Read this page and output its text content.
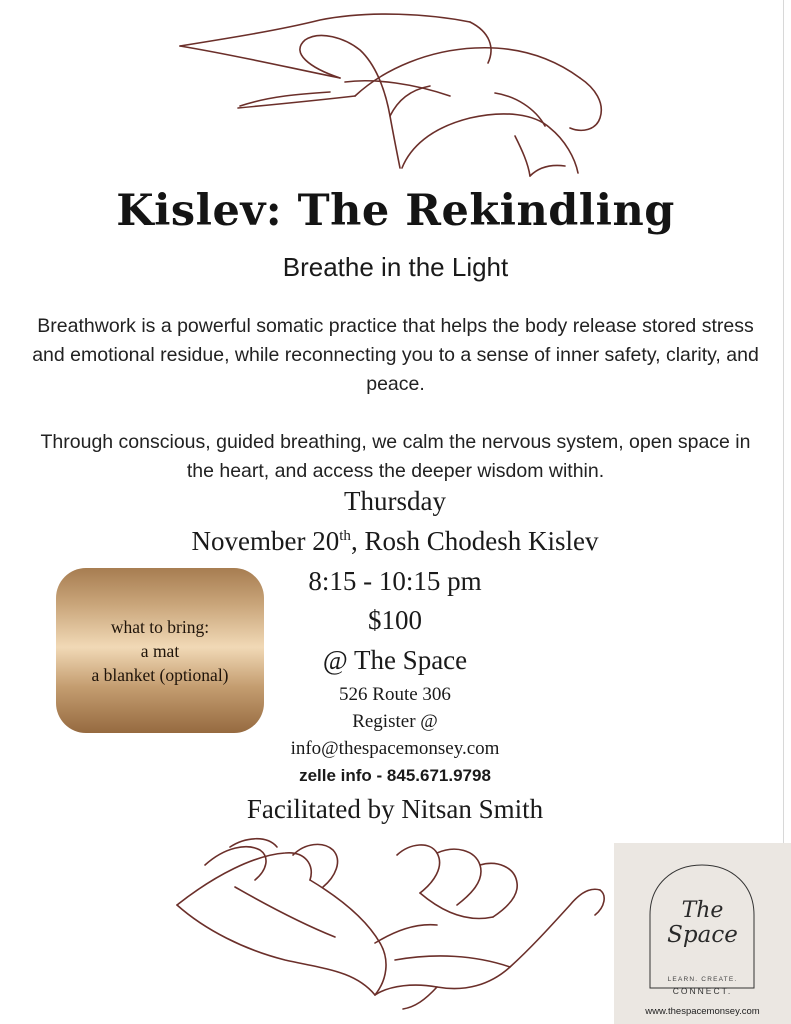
Kislev: The Rekindling
Breathe in the Light
Breathwork is a powerful somatic practice that helps the body release stored stress and emotional residue, while reconnecting you to a sense of inner safety, clarity, and peace.
Through conscious, guided breathing, we calm the nervous system, open space in the heart, and access the deeper wisdom within.
Thursday
November 20th, Rosh Chodesh Kislev
8:15 - 10:15 pm
$100
@ The Space
526 Route 306
Register @
info@thespacemonsey.com
zelle info - 845.671.9798
Facilitated by Nitsan Smith
what to bring:
a mat
a blanket (optional)
The
Space
LEARN. CREATE.
CONNECT.
www.thespacemonsey.com
